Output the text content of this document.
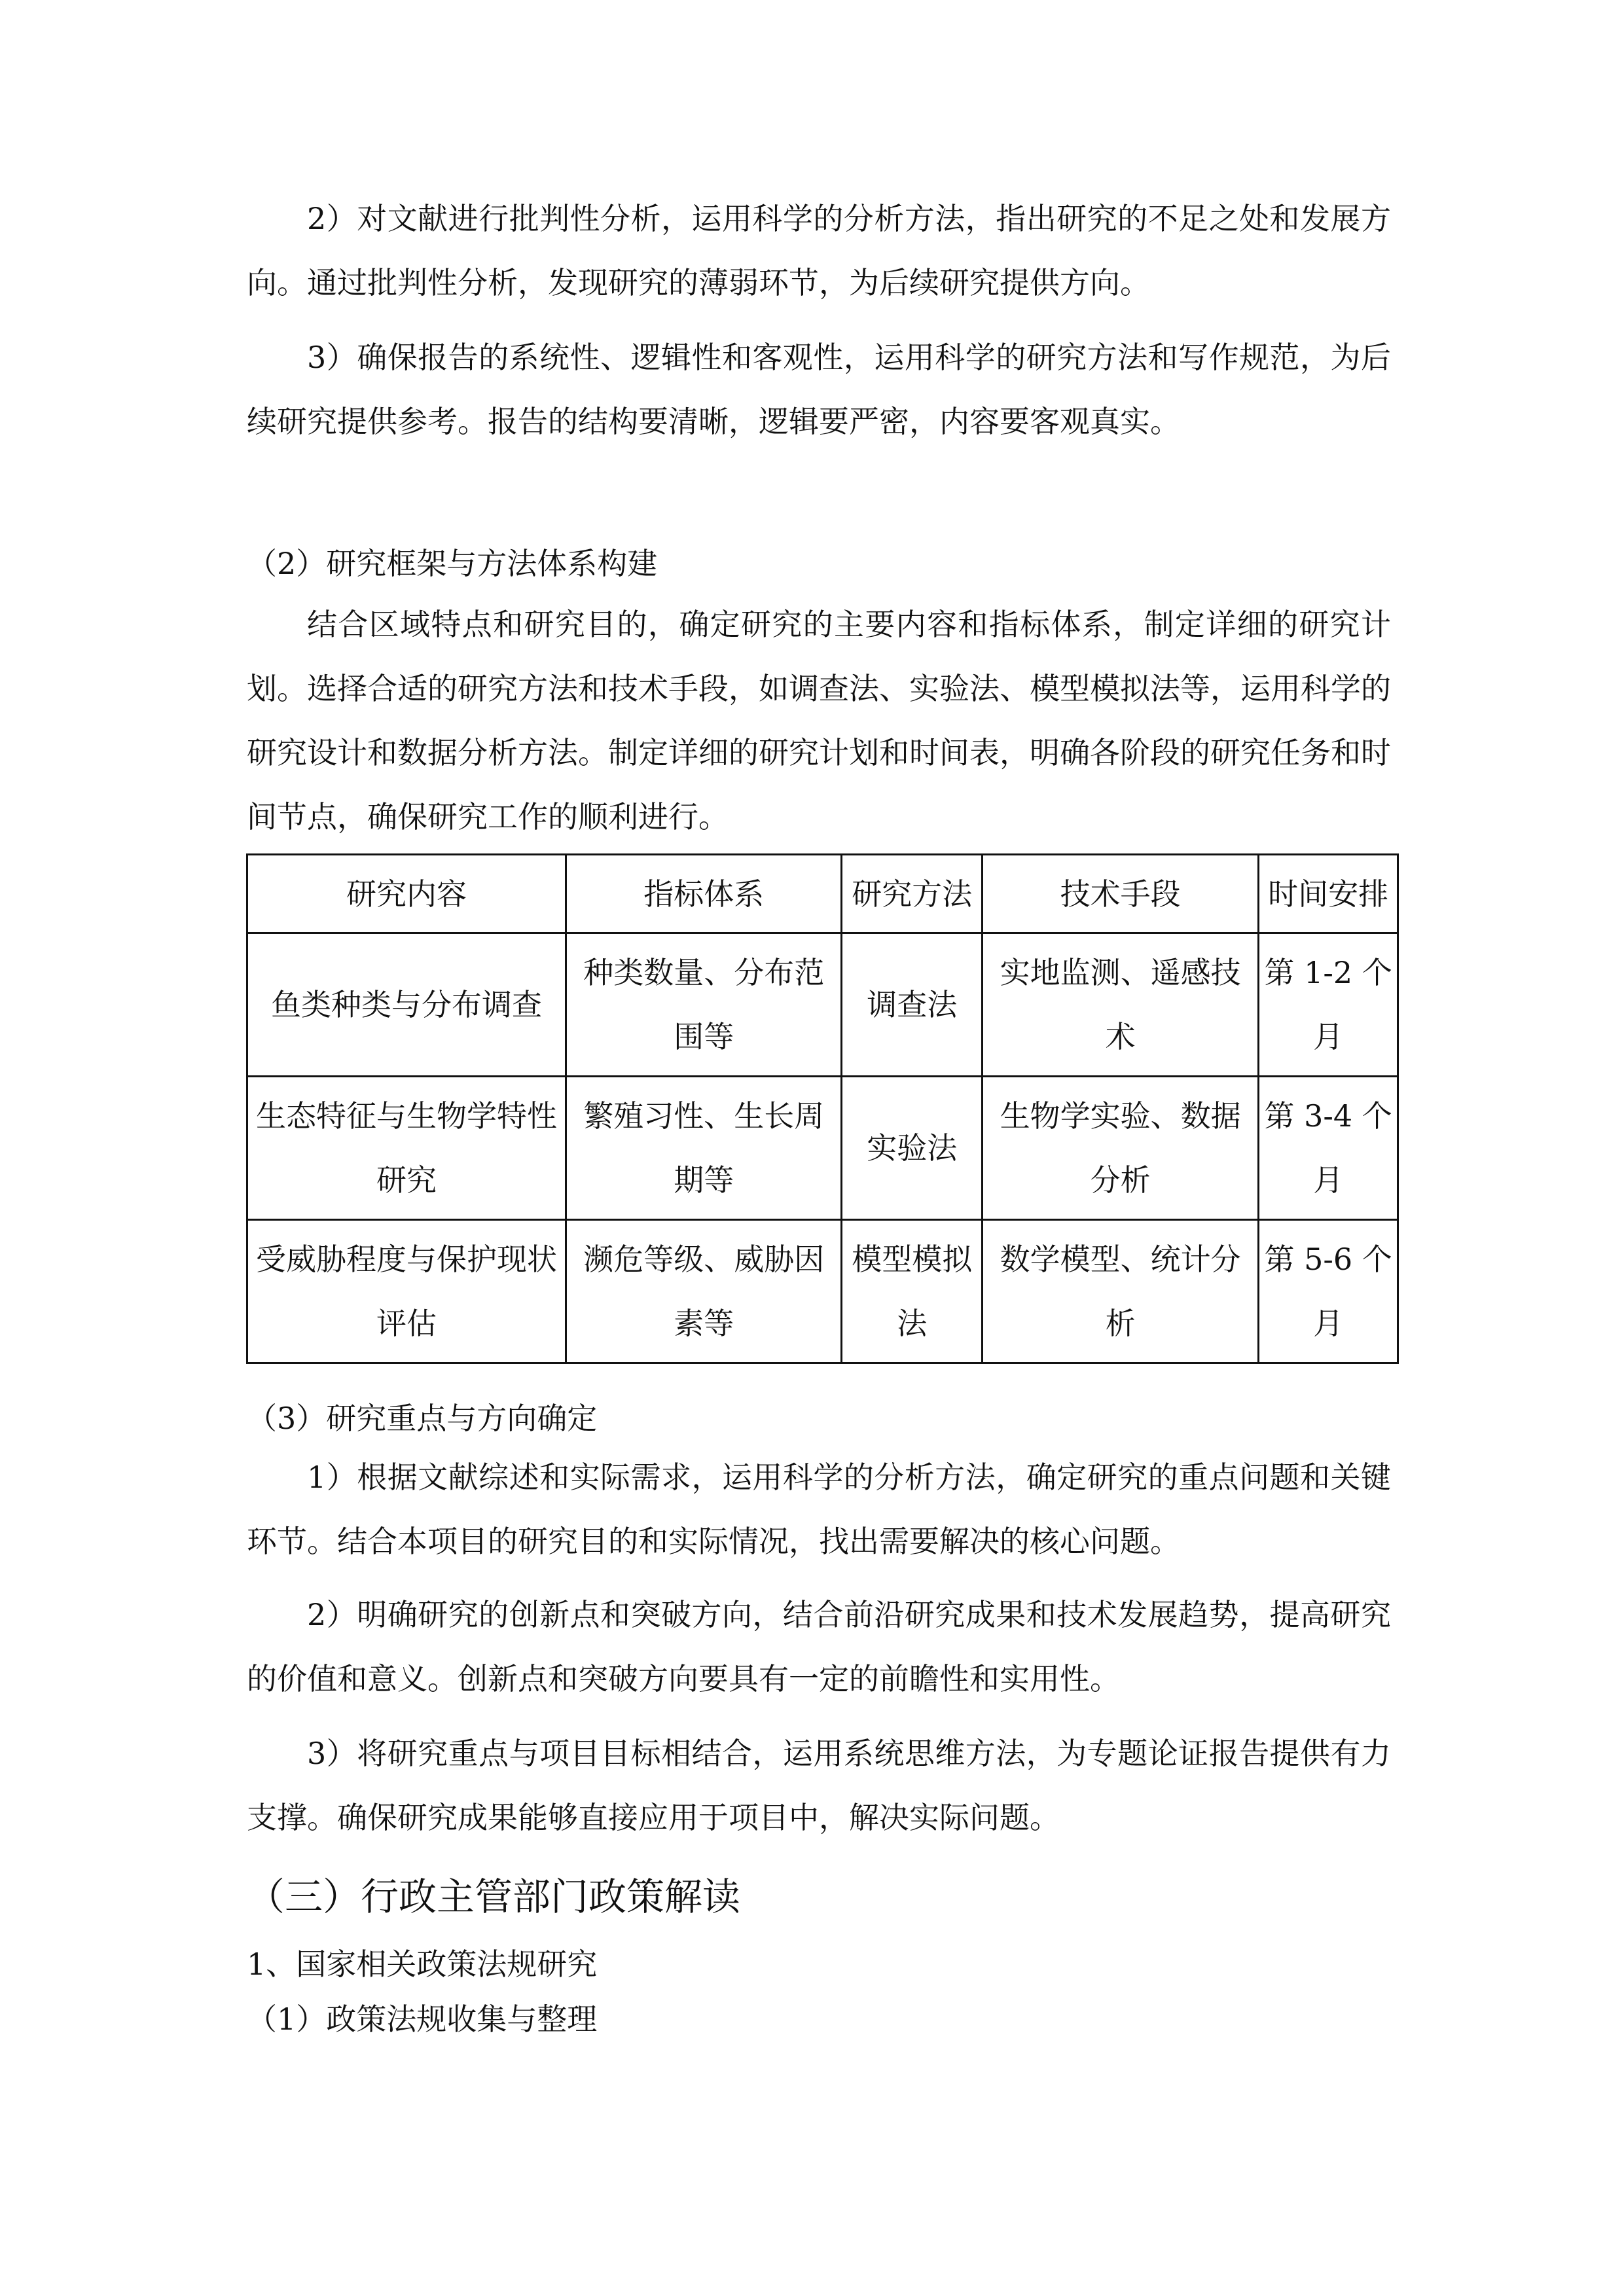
2）对文献进行批判性分析，运用科学的分析方法，指出研究的不足之处和发展方向。通过批判性分析，发现研究的薄弱环节，为后续研究提供方向。
3）确保报告的系统性、逻辑性和客观性，运用科学的研究方法和写作规范，为后续研究提供参考。报告的结构要清晰，逻辑要严密，内容要客观真实。
（2）研究框架与方法体系构建
结合区域特点和研究目的，确定研究的主要内容和指标体系，制定详细的研究计划。选择合适的研究方法和技术手段，如调查法、实验法、模型模拟法等，运用科学的研究设计和数据分析方法。制定详细的研究计划和时间表，明确各阶段的研究任务和时间节点，确保研究工作的顺利进行。
研究内容	指标体系	研究方法	技术手段	时间安排
鱼类种类与分布调查	种类数量、分布范围等	调查法	实地监测、遥感技术	第 1-2 个月
生态特征与生物学特性研究	繁殖习性、生长周期等	实验法	生物学实验、数据分析	第 3-4 个月
受威胁程度与保护现状评估	濒危等级、威胁因素等	模型模拟法	数学模型、统计分析	第 5-6 个月
（3）研究重点与方向确定
1）根据文献综述和实际需求，运用科学的分析方法，确定研究的重点问题和关键环节。结合本项目的研究目的和实际情况，找出需要解决的核心问题。
2）明确研究的创新点和突破方向，结合前沿研究成果和技术发展趋势，提高研究的价值和意义。创新点和突破方向要具有一定的前瞻性和实用性。
3）将研究重点与项目目标相结合，运用系统思维方法，为专题论证报告提供有力支撑。确保研究成果能够直接应用于项目中，解决实际问题。
（三）行政主管部门政策解读
1、国家相关政策法规研究
（1）政策法规收集与整理
